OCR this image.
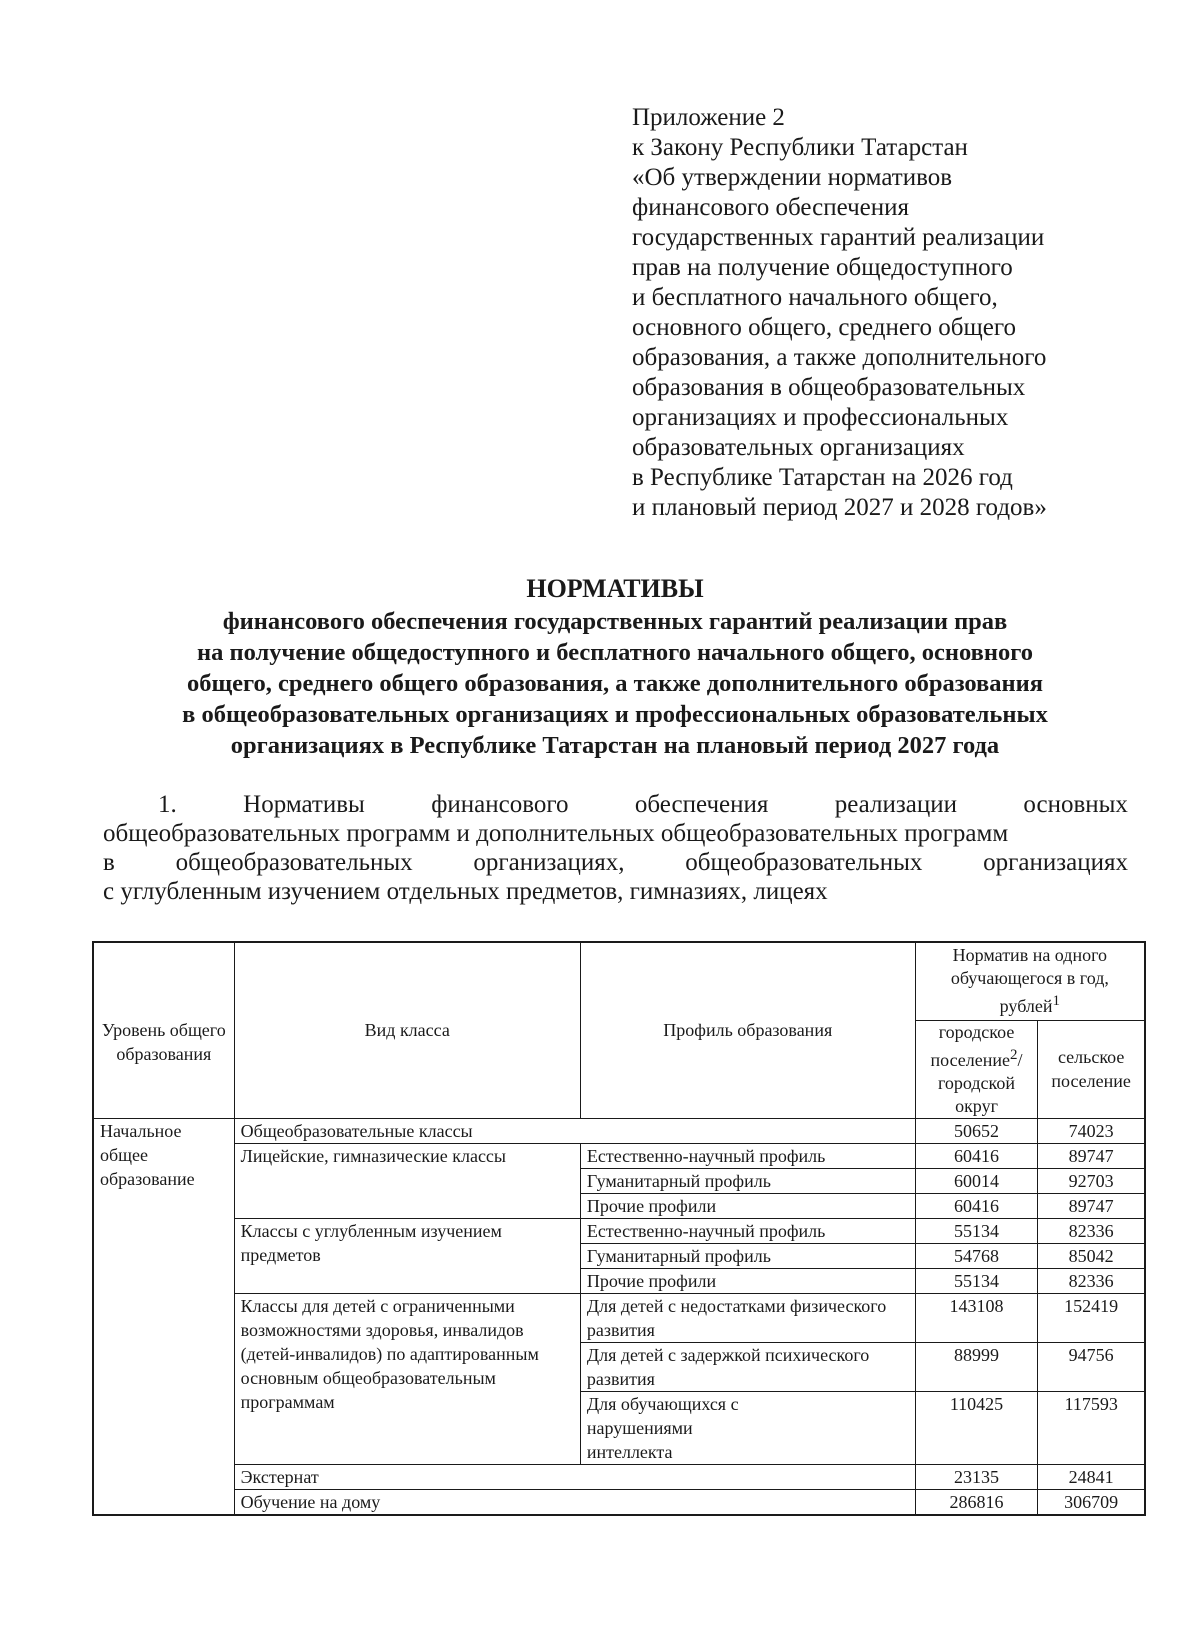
Приложение 2
к Закону Республики Татарстан
«Об утверждении нормативов
финансового обеспечения
государственных гарантий реализации
прав на получение общедоступного
и бесплатного начального общего,
основного общего, среднего общего
образования, а также дополнительного
образования в общеобразовательных
организациях и профессиональных
образовательных организациях
в Республике Татарстан на 2026 год
и плановый период 2027 и 2028 годов»
НОРМАТИВЫ
финансового обеспечения государственных гарантий реализации прав
на получение общедоступного и бесплатного начального общего, основного
общего, среднего общего образования, а также дополнительного образования
в общеобразовательных организациях и профессиональных образовательных
организациях в Республике Татарстан на плановый период 2027 года
1.	Нормативы	финансового	обеспечения	реализации	основных
общеобразовательных программ и дополнительных общеобразовательных программ
в общеобразовательных организациях, общеобразовательных организациях
с углубленным изучением отдельных предметов, гимназиях, лицеях
Уровень общего образования	Вид класса	Профиль образования	Норматив на одного обучающегося в год, рублей$^1$
			городское поселение$^2$/ городской округ	сельское поселение
Начальное общее образование	Общеобразовательные классы		50652	74023
	Лицейские, гимназические классы	Естественно-научный профиль	60416	89747
		Гуманитарный профиль	60014	92703
		Прочие профили	60416	89747
	Классы с углубленным изучением предметов	Естественно-научный профиль	55134	82336
		Гуманитарный профиль	54768	85042
		Прочие профили	55134	82336
	Классы для детей с ограниченными возможностями здоровья, инвалидов (детей-инвалидов) по адаптированным основным общеобразовательным программам	Для детей с недостатками физического развития	143108	152419
		Для детей с задержкой психического развития	88999	94756
		Для обучающихся с нарушениями интеллекта	110425	117593
	Экстернат		23135	24841
	Обучение на дому		286816	306709
